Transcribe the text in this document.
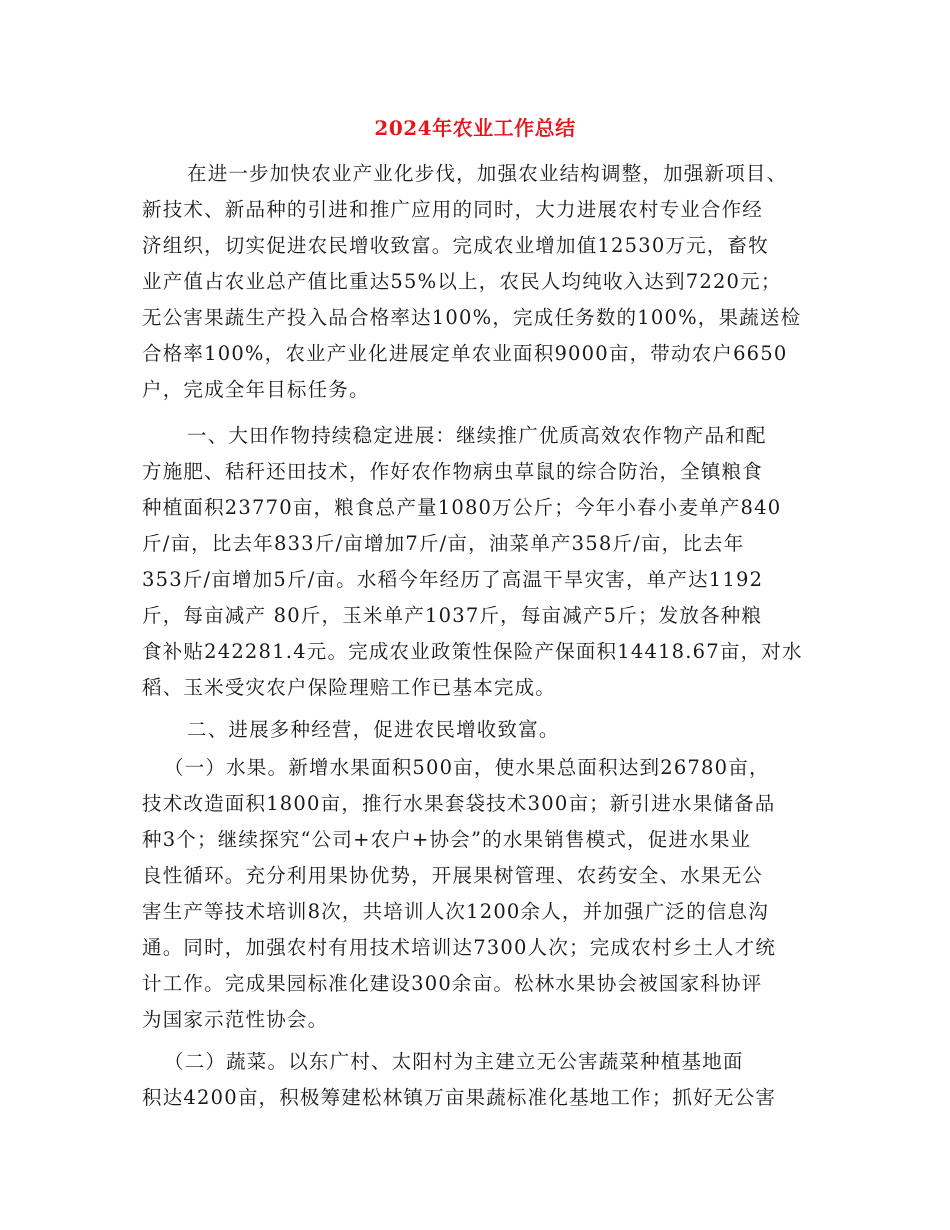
2024年农业工作总结
在进一步加快农业产业化步伐，加强农业结构调整，加强新项目、
新技术、新品种的引进和推广应用的同时，大力进展农村专业合作经
济组织，切实促进农民增收致富。完成农业增加值12530万元，畜牧
业产值占农业总产值比重达55%以上，农民人均纯收入达到7220元；
无公害果蔬生产投入品合格率达100%，完成任务数的100%，果蔬送检
合格率100%，农业产业化进展定单农业面积9000亩，带动农户6650
户，完成全年目标任务。
一、大田作物持续稳定进展：继续推广优质高效农作物产品和配
方施肥、秸秆还田技术，作好农作物病虫草鼠的综合防治，全镇粮食
种植面积23770亩，粮食总产量1080万公斤；今年小春小麦单产840
斤/亩，比去年833斤/亩增加7斤/亩，油菜单产358斤/亩，比去年
353斤/亩增加5斤/亩。水稻今年经历了高温干旱灾害，单产达1192
斤，每亩减产 80斤，玉米单产1037斤，每亩减产5斤；发放各种粮
食补贴242281.4元。完成农业政策性保险产保面积14418.67亩，对水
稻、玉米受灾农户保险理赔工作已基本完成。
二、进展多种经营，促进农民增收致富。
（一）水果。新增水果面积500亩，使水果总面积达到26780亩，
技术改造面积1800亩，推行水果套袋技术300亩；新引进水果储备品
种3个；继续探究“公司+农户+协会”的水果销售模式，促进水果业
良性循环。充分利用果协优势，开展果树管理、农药安全、水果无公
害生产等技术培训8次，共培训人次1200余人，并加强广泛的信息沟
通。同时，加强农村有用技术培训达7300人次；完成农村乡土人才统
计工作。完成果园标准化建设300余亩。松林水果协会被国家科协评
为国家示范性协会。
（二）蔬菜。以东广村、太阳村为主建立无公害蔬菜种植基地面
积达4200亩，积极筹建松林镇万亩果蔬标准化基地工作；抓好无公害
